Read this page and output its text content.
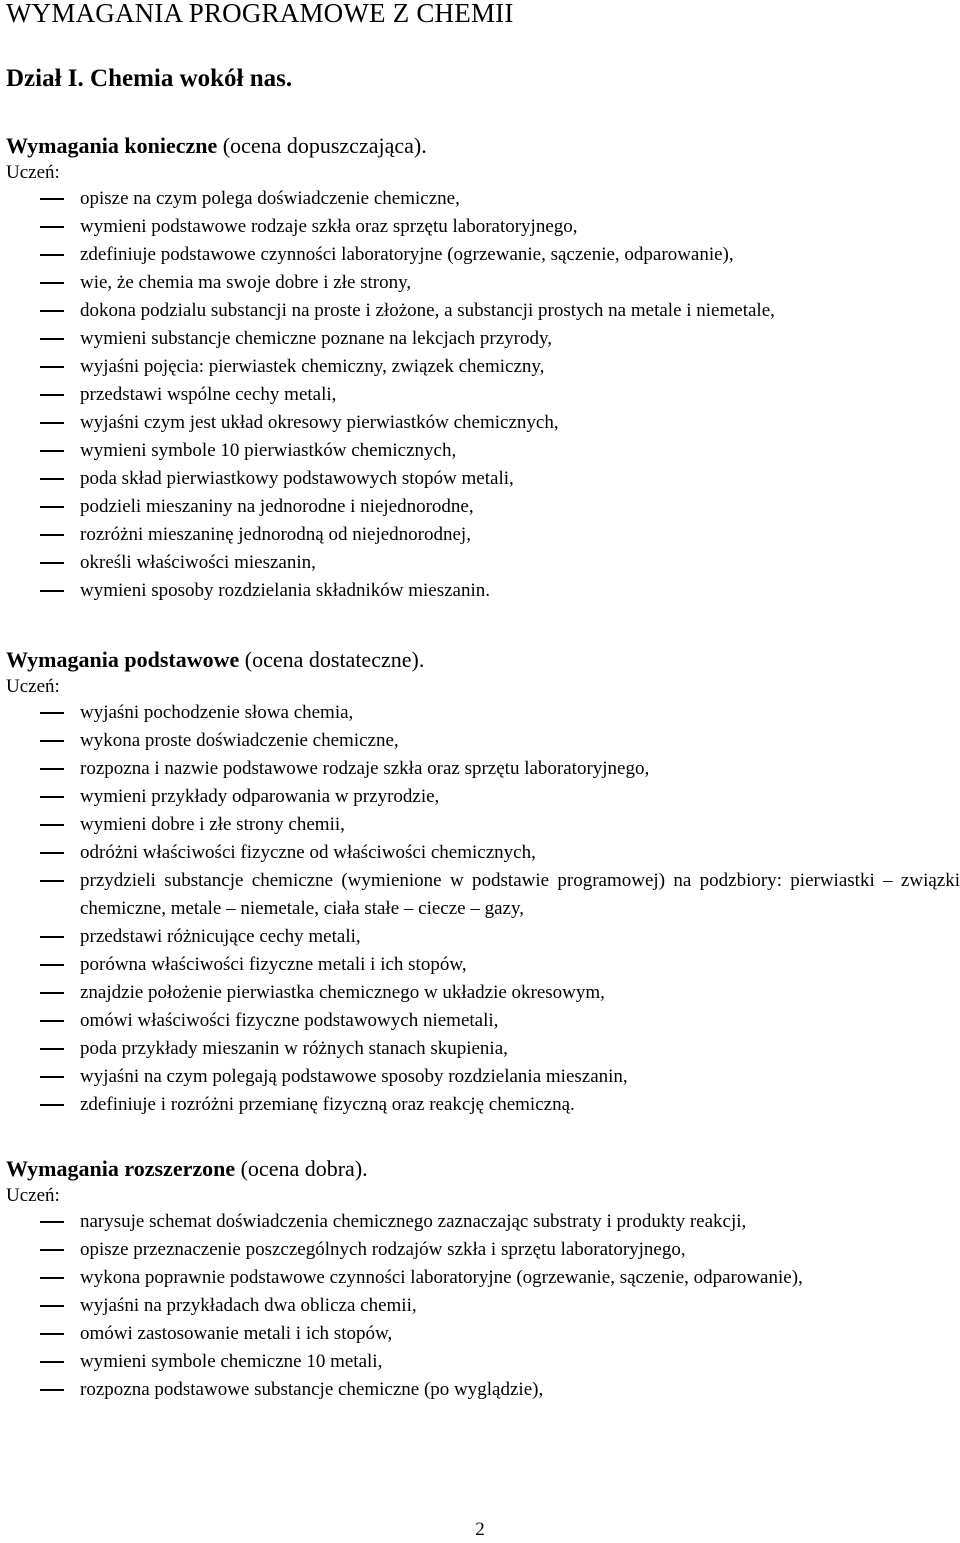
WYMAGANIA PROGRAMOWE Z CHEMII
Dział I. Chemia wokół nas.
Wymagania konieczne (ocena dopuszczająca).
Uczeń:
opisze na czym polega doświadczenie chemiczne,
wymieni podstawowe rodzaje szkła oraz sprzętu laboratoryjnego,
zdefiniuje podstawowe czynności laboratoryjne (ogrzewanie, sączenie, odparowanie),
wie, że chemia ma swoje dobre i złe strony,
dokona podzialu substancji na proste i złożone, a substancji prostych na metale i niemetale,
wymieni substancje chemiczne poznane na lekcjach przyrody,
wyjaśni pojęcia: pierwiastek chemiczny, związek chemiczny,
przedstawi wspólne cechy metali,
wyjaśni czym jest układ okresowy pierwiastków chemicznych,
wymieni symbole 10 pierwiastków chemicznych,
poda skład pierwiastkowy podstawowych stopów metali,
podzieli mieszaniny na jednorodne i niejednorodne,
rozróżni mieszaninę jednorodną od niejednorodnej,
określi właściwości mieszanin,
wymieni sposoby rozdzielania składników mieszanin.
Wymagania podstawowe (ocena dostateczne).
Uczeń:
wyjaśni pochodzenie słowa chemia,
wykona proste doświadczenie chemiczne,
rozpozna i nazwie podstawowe rodzaje szkła oraz sprzętu laboratoryjnego,
wymieni przykłady odparowania w przyrodzie,
wymieni dobre i złe strony chemii,
odróżni właściwości fizyczne od właściwości chemicznych,
przydzieli substancje chemiczne (wymienione w podstawie programowej) na podzbiory: pierwiastki – związki chemiczne, metale – niemetale, ciała stałe – ciecze – gazy,
przedstawi różnicujące cechy metali,
porówna właściwości fizyczne metali i ich stopów,
znajdzie położenie pierwiastka chemicznego w układzie okresowym,
omówi właściwości fizyczne podstawowych niemetali,
poda przykłady mieszanin w różnych stanach skupienia,
wyjaśni na czym polegają podstawowe sposoby rozdzielania mieszanin,
zdefiniuje i rozróżni przemianę fizyczną oraz reakcję chemiczną.
Wymagania rozszerzone (ocena dobra).
Uczeń:
narysuje schemat doświadczenia chemicznego zaznaczając substraty i produkty reakcji,
opisze przeznaczenie poszczególnych rodzajów szkła i sprzętu laboratoryjnego,
wykona poprawnie podstawowe czynności laboratoryjne (ogrzewanie, sączenie, odparowanie),
wyjaśni na przykładach dwa oblicza chemii,
omówi zastosowanie metali i ich stopów,
wymieni symbole chemiczne 10 metali,
rozpozna podstawowe substancje chemiczne (po wyglądzie),
2
